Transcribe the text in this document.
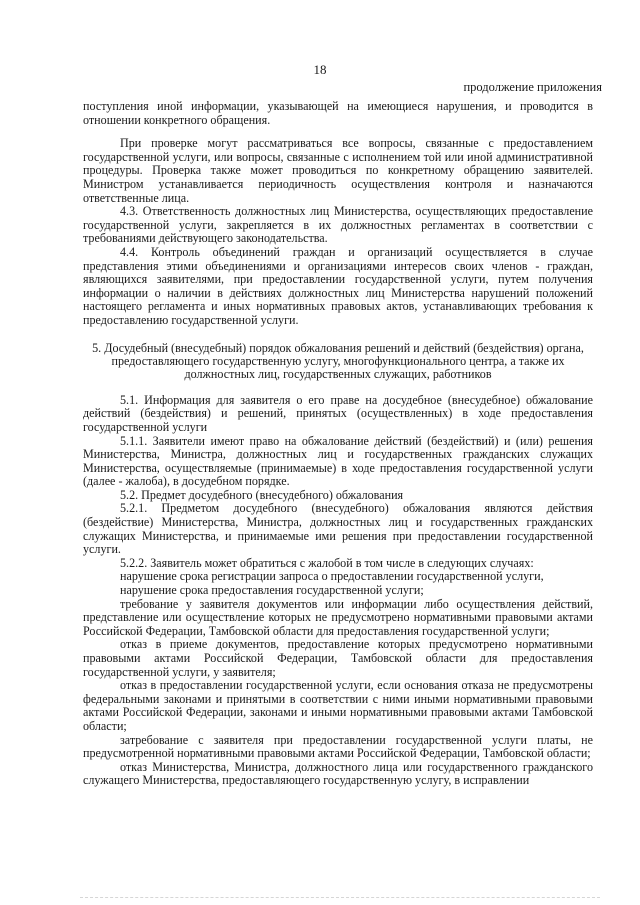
18
продолжение приложения

поступления иной информации, указывающей на имеющиеся нарушения, и проводится в отношении конкретного обращения.

При проверке могут рассматриваться все вопросы, связанные с предоставлением государственной услуги, или вопросы, связанные с исполнением той или иной административной процедуры. Проверка также может проводиться по конкретному обращению заявителей. Министром устанавливается периодичность осуществления контроля и назначаются ответственные лица.

4.3. Ответственность должностных лиц Министерства, осуществляющих предоставление государственной услуги, закрепляется в их должностных регламентах в соответствии с требованиями действующего законодательства.

4.4. Контроль объединений граждан и организаций осуществляется в случае представления этими объединениями и организациями интересов своих членов - граждан, являющихся заявителями, при предоставлении государственной услуги, путем получения информации о наличии в действиях должностных лиц Министерства нарушений положений настоящего регламента и иных нормативных правовых актов, устанавливающих требования к предоставлению государственной услуги.

5. Досудебный (внесудебный) порядок обжалования решений и действий (бездействия) органа, предоставляющего государственную услугу, многофункционального центра, а также их должностных лиц, государственных служащих, работников

5.1. Информация для заявителя о его праве на досудебное (внесудебное) обжалование действий (бездействия) и решений, принятых (осуществленных) в ходе предоставления государственной услуги

5.1.1. Заявители имеют право на обжалование действий (бездействий) и (или) решения Министерства, Министра, должностных лиц и государственных гражданских служащих Министерства, осуществляемые (принимаемые) в ходе предоставления государственной услуги (далее - жалоба), в досудебном порядке.

5.2. Предмет досудебного (внесудебного) обжалования

5.2.1. Предметом досудебного (внесудебного) обжалования являются действия (бездействие) Министерства, Министра, должностных лиц и государственных гражданских служащих Министерства, и принимаемые ими решения при предоставлении государственной услуги.

5.2.2. Заявитель может обратиться с жалобой в том числе в следующих случаях:

нарушение срока регистрации запроса о предоставлении государственной услуги,

нарушение срока предоставления государственной услуги;

требование у заявителя документов или информации либо осуществления действий, представление или осуществление которых не предусмотрено нормативными правовыми актами Российской Федерации, Тамбовской области для предоставления государственной услуги;

отказ в приеме документов, предоставление которых предусмотрено нормативными правовыми актами Российской Федерации, Тамбовской области для предоставления государственной услуги, у заявителя;

отказ в предоставлении государственной услуги, если основания отказа не предусмотрены федеральными законами и принятыми в соответствии с ними иными нормативными правовыми актами Российской Федерации, законами и иными нормативными правовыми актами Тамбовской области;

затребование с заявителя при предоставлении государственной услуги платы, не предусмотренной нормативными правовыми актами Российской Федерации, Тамбовской области;

отказ Министерства, Министра, должностного лица или государственного гражданского служащего Министерства, предоставляющего государственную услугу, в исправлении
